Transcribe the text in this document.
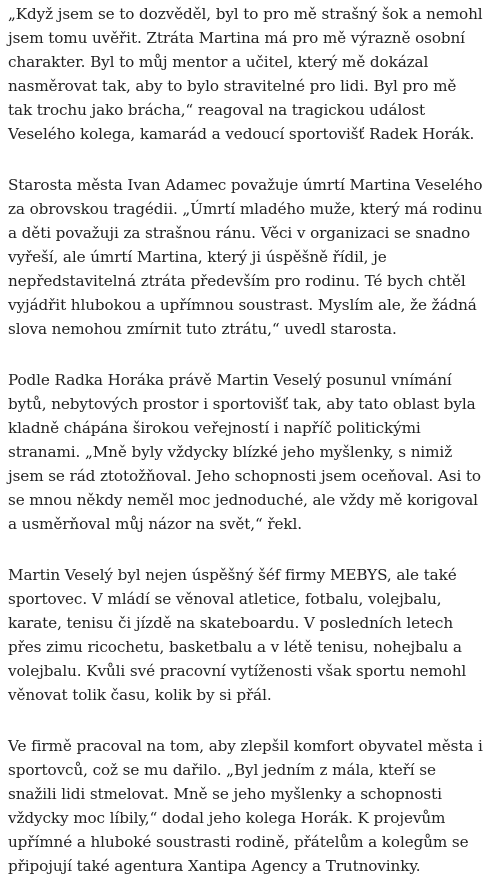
„Když jsem se to dozvěděl, byl to pro mě strašný šok a nemohl jsem tomu uvěřit. Ztráta Martina má pro mě výrazně osobní charakter. Byl to můj mentor a učitel, který mě dokázal nasměrovat tak, aby to bylo stravitelné pro lidi. Byl pro mě tak trochu jako brácha,“ reagoval na tragickou událost Veselého kolega, kamarád a vedoucí sportovišť Radek Horák.

Starosta města Ivan Adamec považuje úmrtí Martina Veselého za obrovskou tragédii. „Úmrtí mladého muže, který má rodinu a děti považuji za strašnou ránu. Věci v organizaci se snadno vyřeší, ale úmrtí Martina, který ji úspěšně řídil, je nepředstavitelná ztráta především pro rodinu. Té bych chtěl vyjádřit hlubokou a upřímnou soustrast. Myslím ale, že žádná slova nemohou zmírnit tuto ztrátu,“ uvedl starosta.

Podle Radka Horáka právě Martin Veselý posunul vnímání bytů, nebytových prostor i sportovišť tak, aby tato oblast byla kladně chápána širokou veřejností i napříč politickými stranami. „Mně byly vždycky blízké jeho myšlenky, s nimiž jsem se rád ztotožňoval. Jeho schopnosti jsem oceňoval. Asi to se mnou někdy neměl moc jednoduché, ale vždy mě korigoval a usměrňoval můj názor na svět,“ řekl.

Martin Veselý byl nejen úspěšný šéf firmy MEBYS, ale také sportovec. V mládí se věnoval atletice, fotbalu, volejbalu, karate, tenisu či jízdě na skateboardu. V posledních letech přes zimu ricochetu, basketbalu a v létě tenisu, nohejbalu a volejbalu. Kvůli své pracovní vytíženosti však sportu nemohl věnovat tolik času, kolik by si přál.

Ve firmě pracoval na tom, aby zlepšil komfort obyvatel města i sportovců, což se mu dařilo. „Byl jedním z mála, kteří se snažili lidi stmelovat. Mně se jeho myšlenky a schopnosti vždycky moc líbily,“ dodal jeho kolega Horák. K projevům upřímné a hluboké soustrasti rodině, přátelům a kolegům se připojují také agentura Xantipa Agency a Trutnovinky.
